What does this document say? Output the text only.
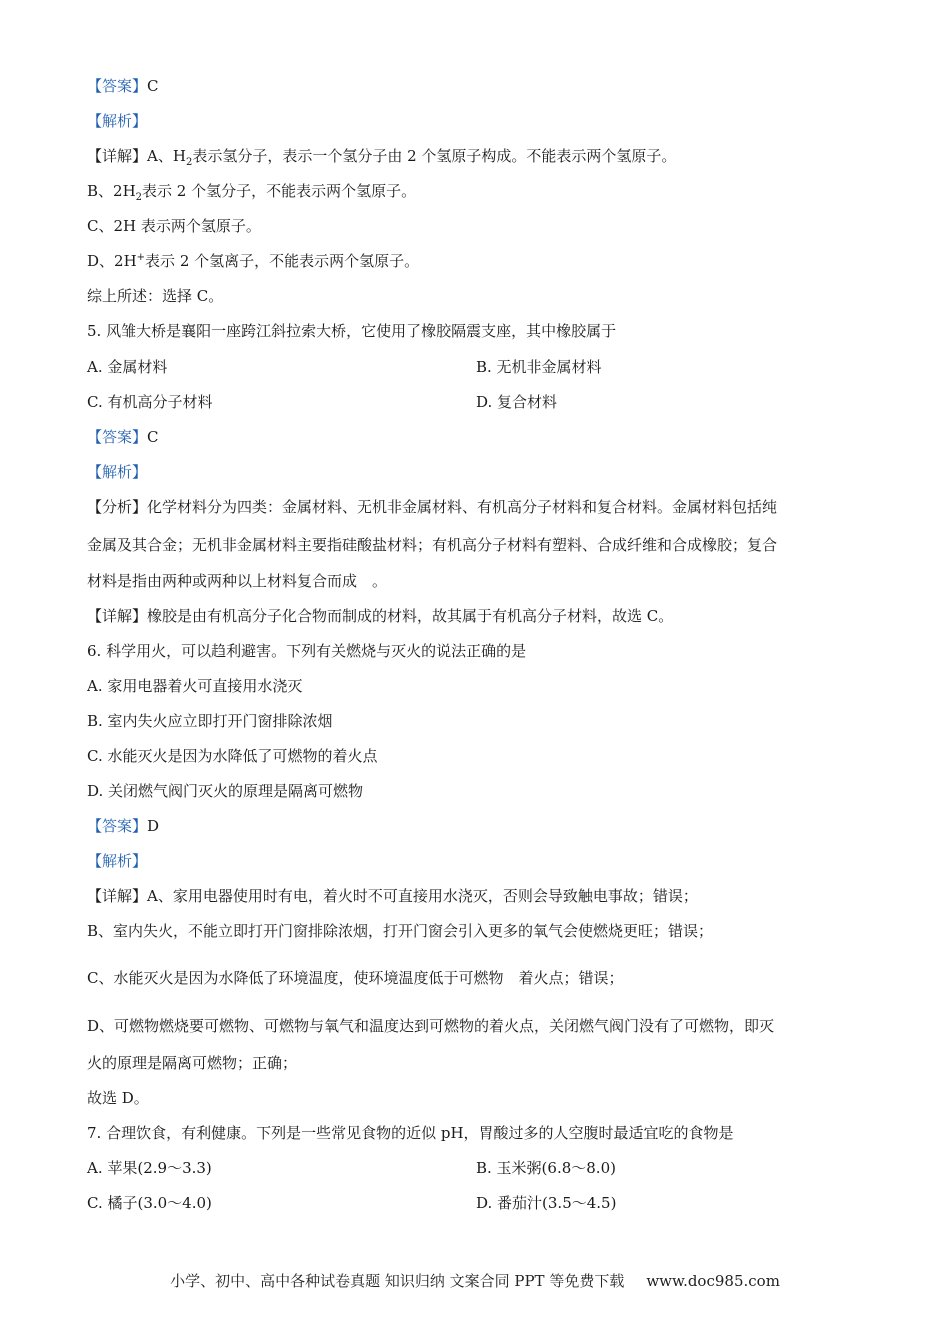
【答案】C
【解析】
【详解】A、$H_2$表示氢分子，表示一个氢分子由 2 个氢原子构成。不能表示两个氢原子。
B、$2H_2$表示 2 个氢分子，不能表示两个氢原子。
C、2H 表示两个氢原子。
D、2H+表示 2 个氢离子，不能表示两个氢原子。
综上所述：选择 C。
5. 风雏大桥是襄阳一座跨江斜拉索大桥，它使用了橡胶隔震支座，其中橡胶属于
A. 金属材料	B. 无机非金属材料
C. 有机高分子材料	D. 复合材料
【答案】C
【解析】
【分析】化学材料分为四类：金属材料、无机非金属材料、有机高分子材料和复合材料。金属材料包括纯
金属及其合金；无机非金属材料主要指硅酸盐材料；有机高分子材料有塑料、合成纤维和合成橡胶；复合
材料是指由两种或两种以上材料复合而成　。
【详解】橡胶是由有机高分子化合物而制成的材料，故其属于有机高分子材料，故选 C。
6. 科学用火，可以趋利避害。下列有关燃烧与灭火的说法正确的是
A. 家用电器着火可直接用水浇灭
B. 室内失火应立即打开门窗排除浓烟
C. 水能灭火是因为水降低了可燃物的着火点
D. 关闭燃气阀门灭火的原理是隔离可燃物
【答案】D
【解析】
【详解】A、家用电器使用时有电，着火时不可直接用水浇灭，否则会导致触电事故；错误；
B、室内失火，不能立即打开门窗排除浓烟，打开门窗会引入更多的氧气会使燃烧更旺；错误；
C、水能灭火是因为水降低了环境温度，使环境温度低于可燃物　着火点；错误；
D、可燃物燃烧要可燃物、可燃物与氧气和温度达到可燃物的着火点，关闭燃气阀门没有了可燃物，即灭
火的原理是隔离可燃物；正确；
故选 D。
7. 合理饮食，有利健康。下列是一些常见食物的近似 pH，胃酸过多的人空腹时最适宜吃的食物是
A. 苹果(2.9～3.3)	B. 玉米粥(6.8～8.0)
C. 橘子(3.0～4.0)	D. 番茄汁(3.5～4.5)
小学、初中、高中各种试卷真题 知识归纳 文案合同 PPT 等免费下载 www.doc985.com
